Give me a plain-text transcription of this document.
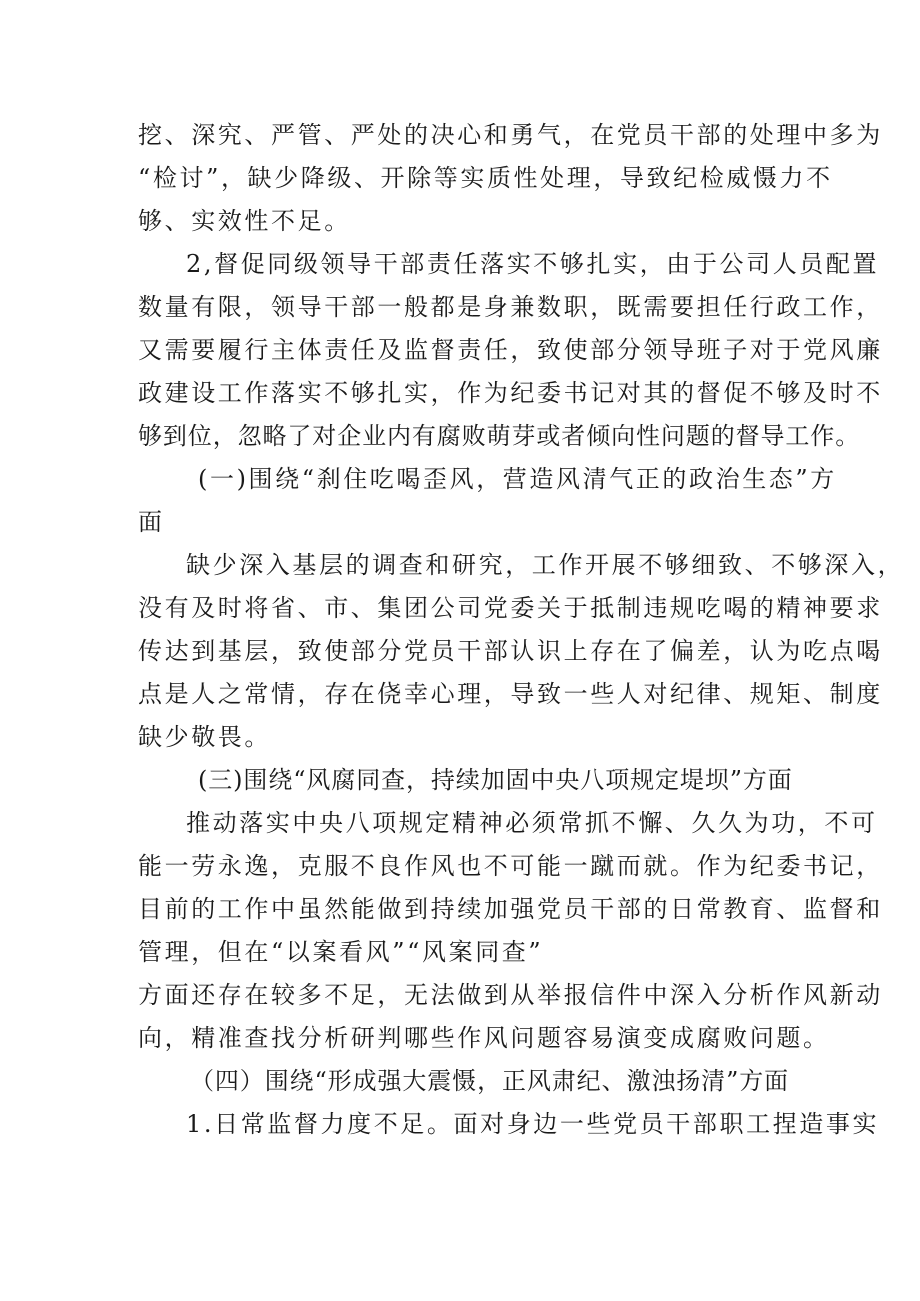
挖、深究、严管、严处的决心和勇气，在党员干部的处理中多为
“检讨”，缺少降级、开除等实质性处理，导致纪检威慑力不
够、实效性不足。
2,督促同级领导干部责任落实不够扎实，由于公司人员配置
数量有限，领导干部一般都是身兼数职，既需要担任行政工作，
又需要履行主体责任及监督责任，致使部分领导班子对于党风廉
政建设工作落实不够扎实，作为纪委书记对其的督促不够及时不
够到位，忽略了对企业内有腐败萌芽或者倾向性问题的督导工作。
(一)围绕“刹住吃喝歪风，营造风清气正的政治生态”方
面
缺少深入基层的调查和研究，工作开展不够细致、不够深入，
没有及时将省、市、集团公司党委关于抵制违规吃喝的精神要求
传达到基层，致使部分党员干部认识上存在了偏差，认为吃点喝
点是人之常情，存在侥幸心理，导致一些人对纪律、规矩、制度
缺少敬畏。
(三)围绕“风腐同查，持续加固中央八项规定堤坝”方面
推动落实中央八项规定精神必须常抓不懈、久久为功，不可
能一劳永逸，克服不良作风也不可能一蹴而就。作为纪委书记，
目前的工作中虽然能做到持续加强党员干部的日常教育、监督和
管理，但在“以案看风”“风案同查”
方面还存在较多不足，无法做到从举报信件中深入分析作风新动
向，精准查找分析研判哪些作风问题容易演变成腐败问题。
（四）围绕“形成强大震慑，正风肃纪、激浊扬清”方面
1.日常监督力度不足。面对身边一些党员干部职工捏造事实
